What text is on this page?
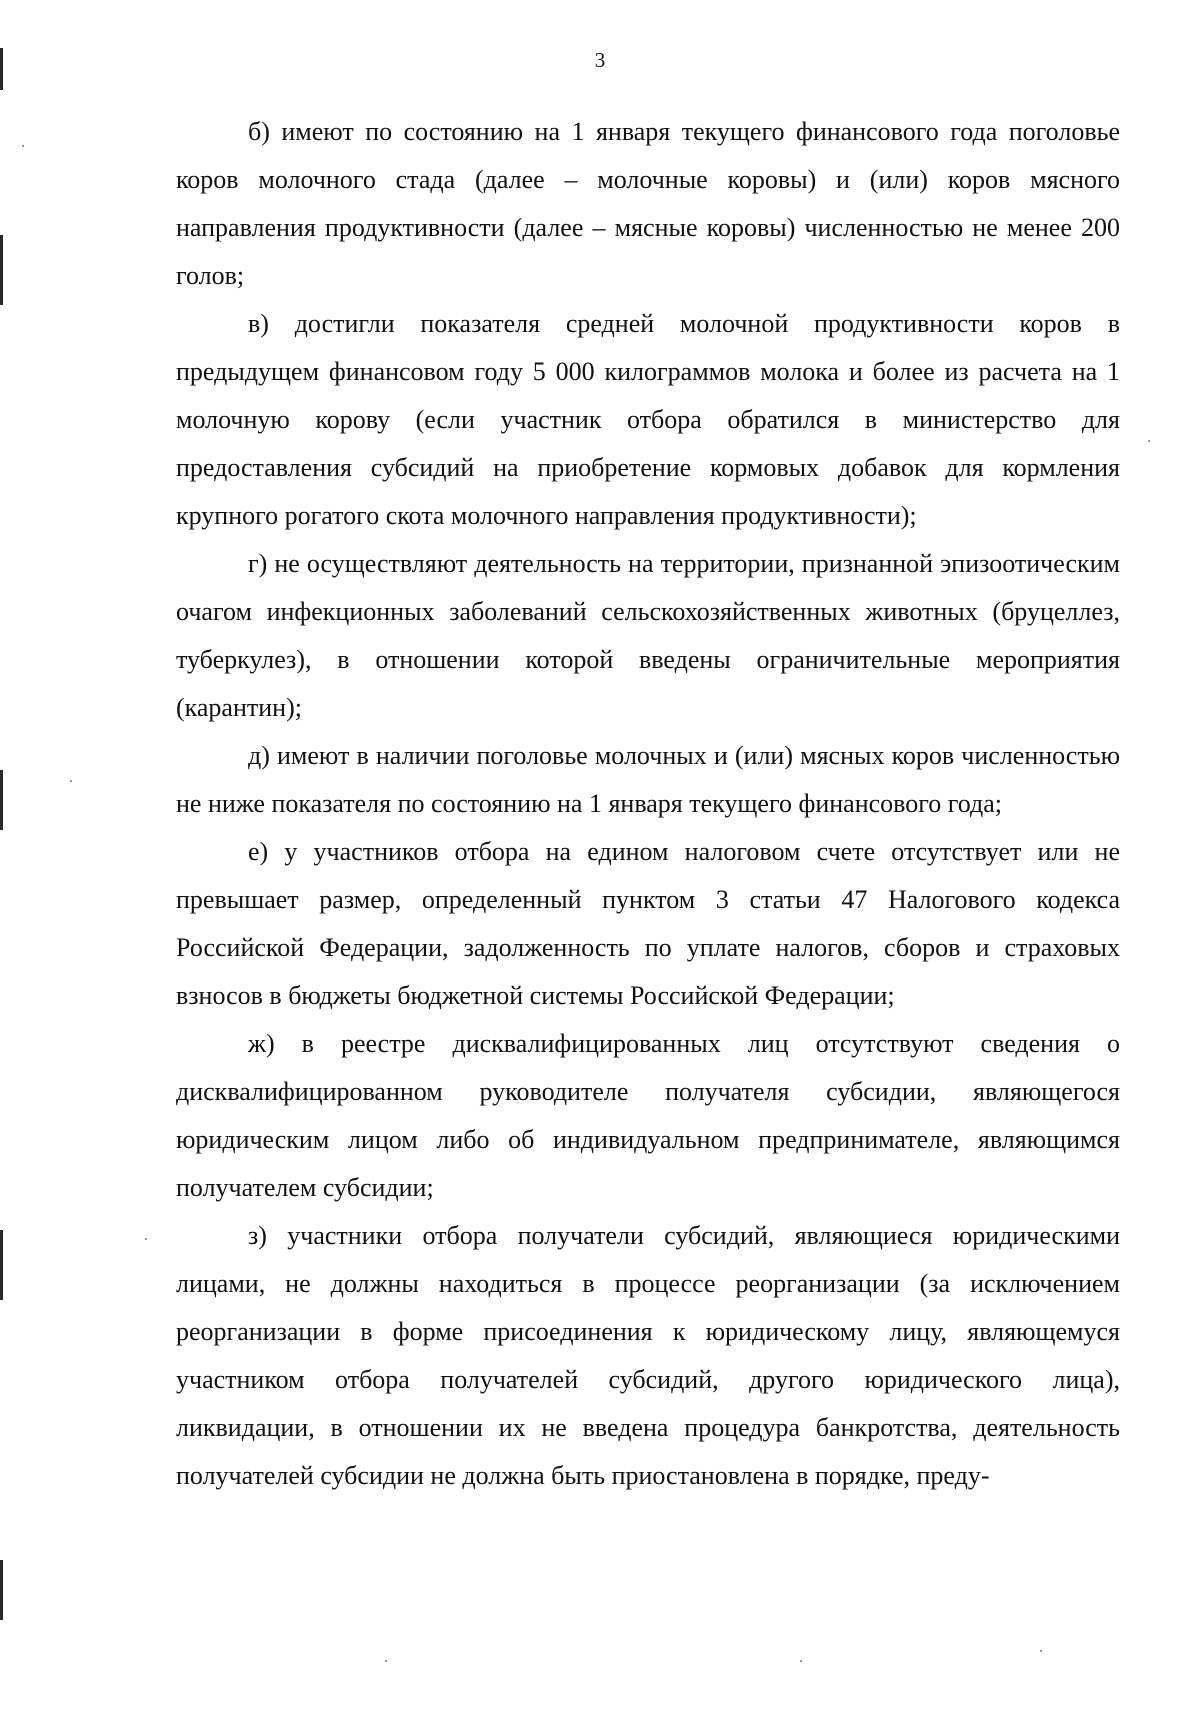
3

б) имеют по состоянию на 1 января текущего финансового года поголовье коров молочного стада (далее – молочные коровы) и (или) коров мясного направления продуктивности (далее – мясные коровы) численностью не менее 200 голов;

в) достигли показателя средней молочной продуктивности коров в предыдущем финансовом году 5 000 килограммов молока и более из расчета на 1 молочную корову (если участник отбора обратился в министерство для предоставления субсидий на приобретение кормовых добавок для кормления крупного рогатого скота молочного направления продуктивности);

г) не осуществляют деятельность на территории, признанной эпизоотическим очагом инфекционных заболеваний сельскохозяйственных животных (бруцеллез, туберкулез), в отношении которой введены ограничительные мероприятия (карантин);

д) имеют в наличии поголовье молочных и (или) мясных коров численностью не ниже показателя по состоянию на 1 января текущего финансового года;

е) у участников отбора на едином налоговом счете отсутствует или не превышает размер, определенный пунктом 3 статьи 47 Налогового кодекса Российской Федерации, задолженность по уплате налогов, сборов и страховых взносов в бюджеты бюджетной системы Российской Федерации;

ж) в реестре дисквалифицированных лиц отсутствуют сведения о дисквалифицированном руководителе получателя субсидии, являющегося юридическим лицом либо об индивидуальном предпринимателе, являющимся получателем субсидии;

з) участники отбора получатели субсидий, являющиеся юридическими лицами, не должны находиться в процессе реорганизации (за исключением реорганизации в форме присоединения к юридическому лицу, являющемуся участником отбора получателей субсидий, другого юридического лица), ликвидации, в отношении их не введена процедура банкротства, деятельность получателей субсидии не должна быть приостановлена в порядке, преду-
